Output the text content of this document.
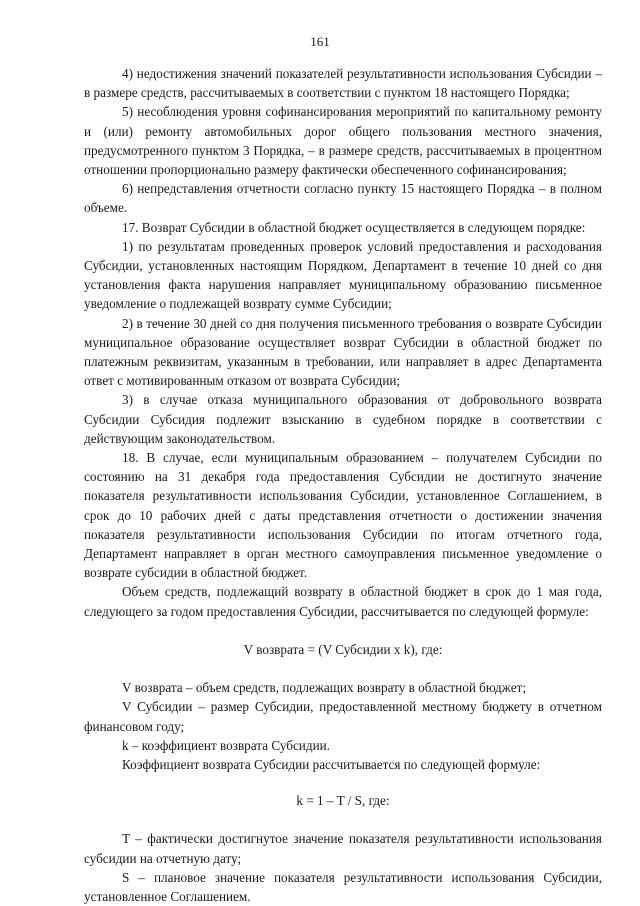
161

4) недостижения значений показателей результативности использования Субсидии – в размере средств, рассчитываемых в соответствии с пунктом 18 настоящего Порядка;

5) несоблюдения уровня софинансирования мероприятий по капитальному ремонту и (или) ремонту автомобильных дорог общего пользования местного значения, предусмотренного пунктом 3 Порядка, – в размере средств, рассчитываемых в процентном отношении пропорционально размеру фактически обеспеченного софинансирования;

6) непредставления отчетности согласно пункту 15 настоящего Порядка – в полном объеме.

17. Возврат Субсидии в областной бюджет осуществляется в следующем порядке:

1) по результатам проведенных проверок условий предоставления и расходования Субсидии, установленных настоящим Порядком, Департамент в течение 10 дней со дня установления факта нарушения направляет муниципальному образованию письменное уведомление о подлежащей возврату сумме Субсидии;

2) в течение 30 дней со дня получения письменного требования о возврате Субсидии муниципальное образование осуществляет возврат Субсидии в областной бюджет по платежным реквизитам, указанным в требовании, или направляет в адрес Департамента ответ с мотивированным отказом от возврата Субсидии;

3) в случае отказа муниципального образования от добровольного возврата Субсидии Субсидия подлежит взысканию в судебном порядке в соответствии с действующим законодательством.

18. В случае, если муниципальным образованием – получателем Субсидии по состоянию на 31 декабря года предоставления Субсидии не достигнуто значение показателя результативности использования Субсидии, установленное Соглашением, в срок до 10 рабочих дней с даты представления отчетности о достижении значения показателя результативности использования Субсидии по итогам отчетного года, Департамент направляет в орган местного самоуправления письменное уведомление о возврате субсидии в областной бюджет.

Объем средств, подлежащий возврату в областной бюджет в срок до 1 мая года, следующего за годом предоставления Субсидии, рассчитывается по следующей формуле:

V возврата = (V Субсидии x k), где:

V возврата – объем средств, подлежащих возврату в областной бюджет;

V Субсидии – размер Субсидии, предоставленной местному бюджету в отчетном финансовом году;

k – коэффициент возврата Субсидии.

Коэффициент возврата Субсидии рассчитывается по следующей формуле:

k = 1 – T / S, где:

T – фактически достигнутое значение показателя результативности использования субсидии на отчетную дату;

S – плановое значение показателя результативности использования Субсидии, установленное Соглашением.
